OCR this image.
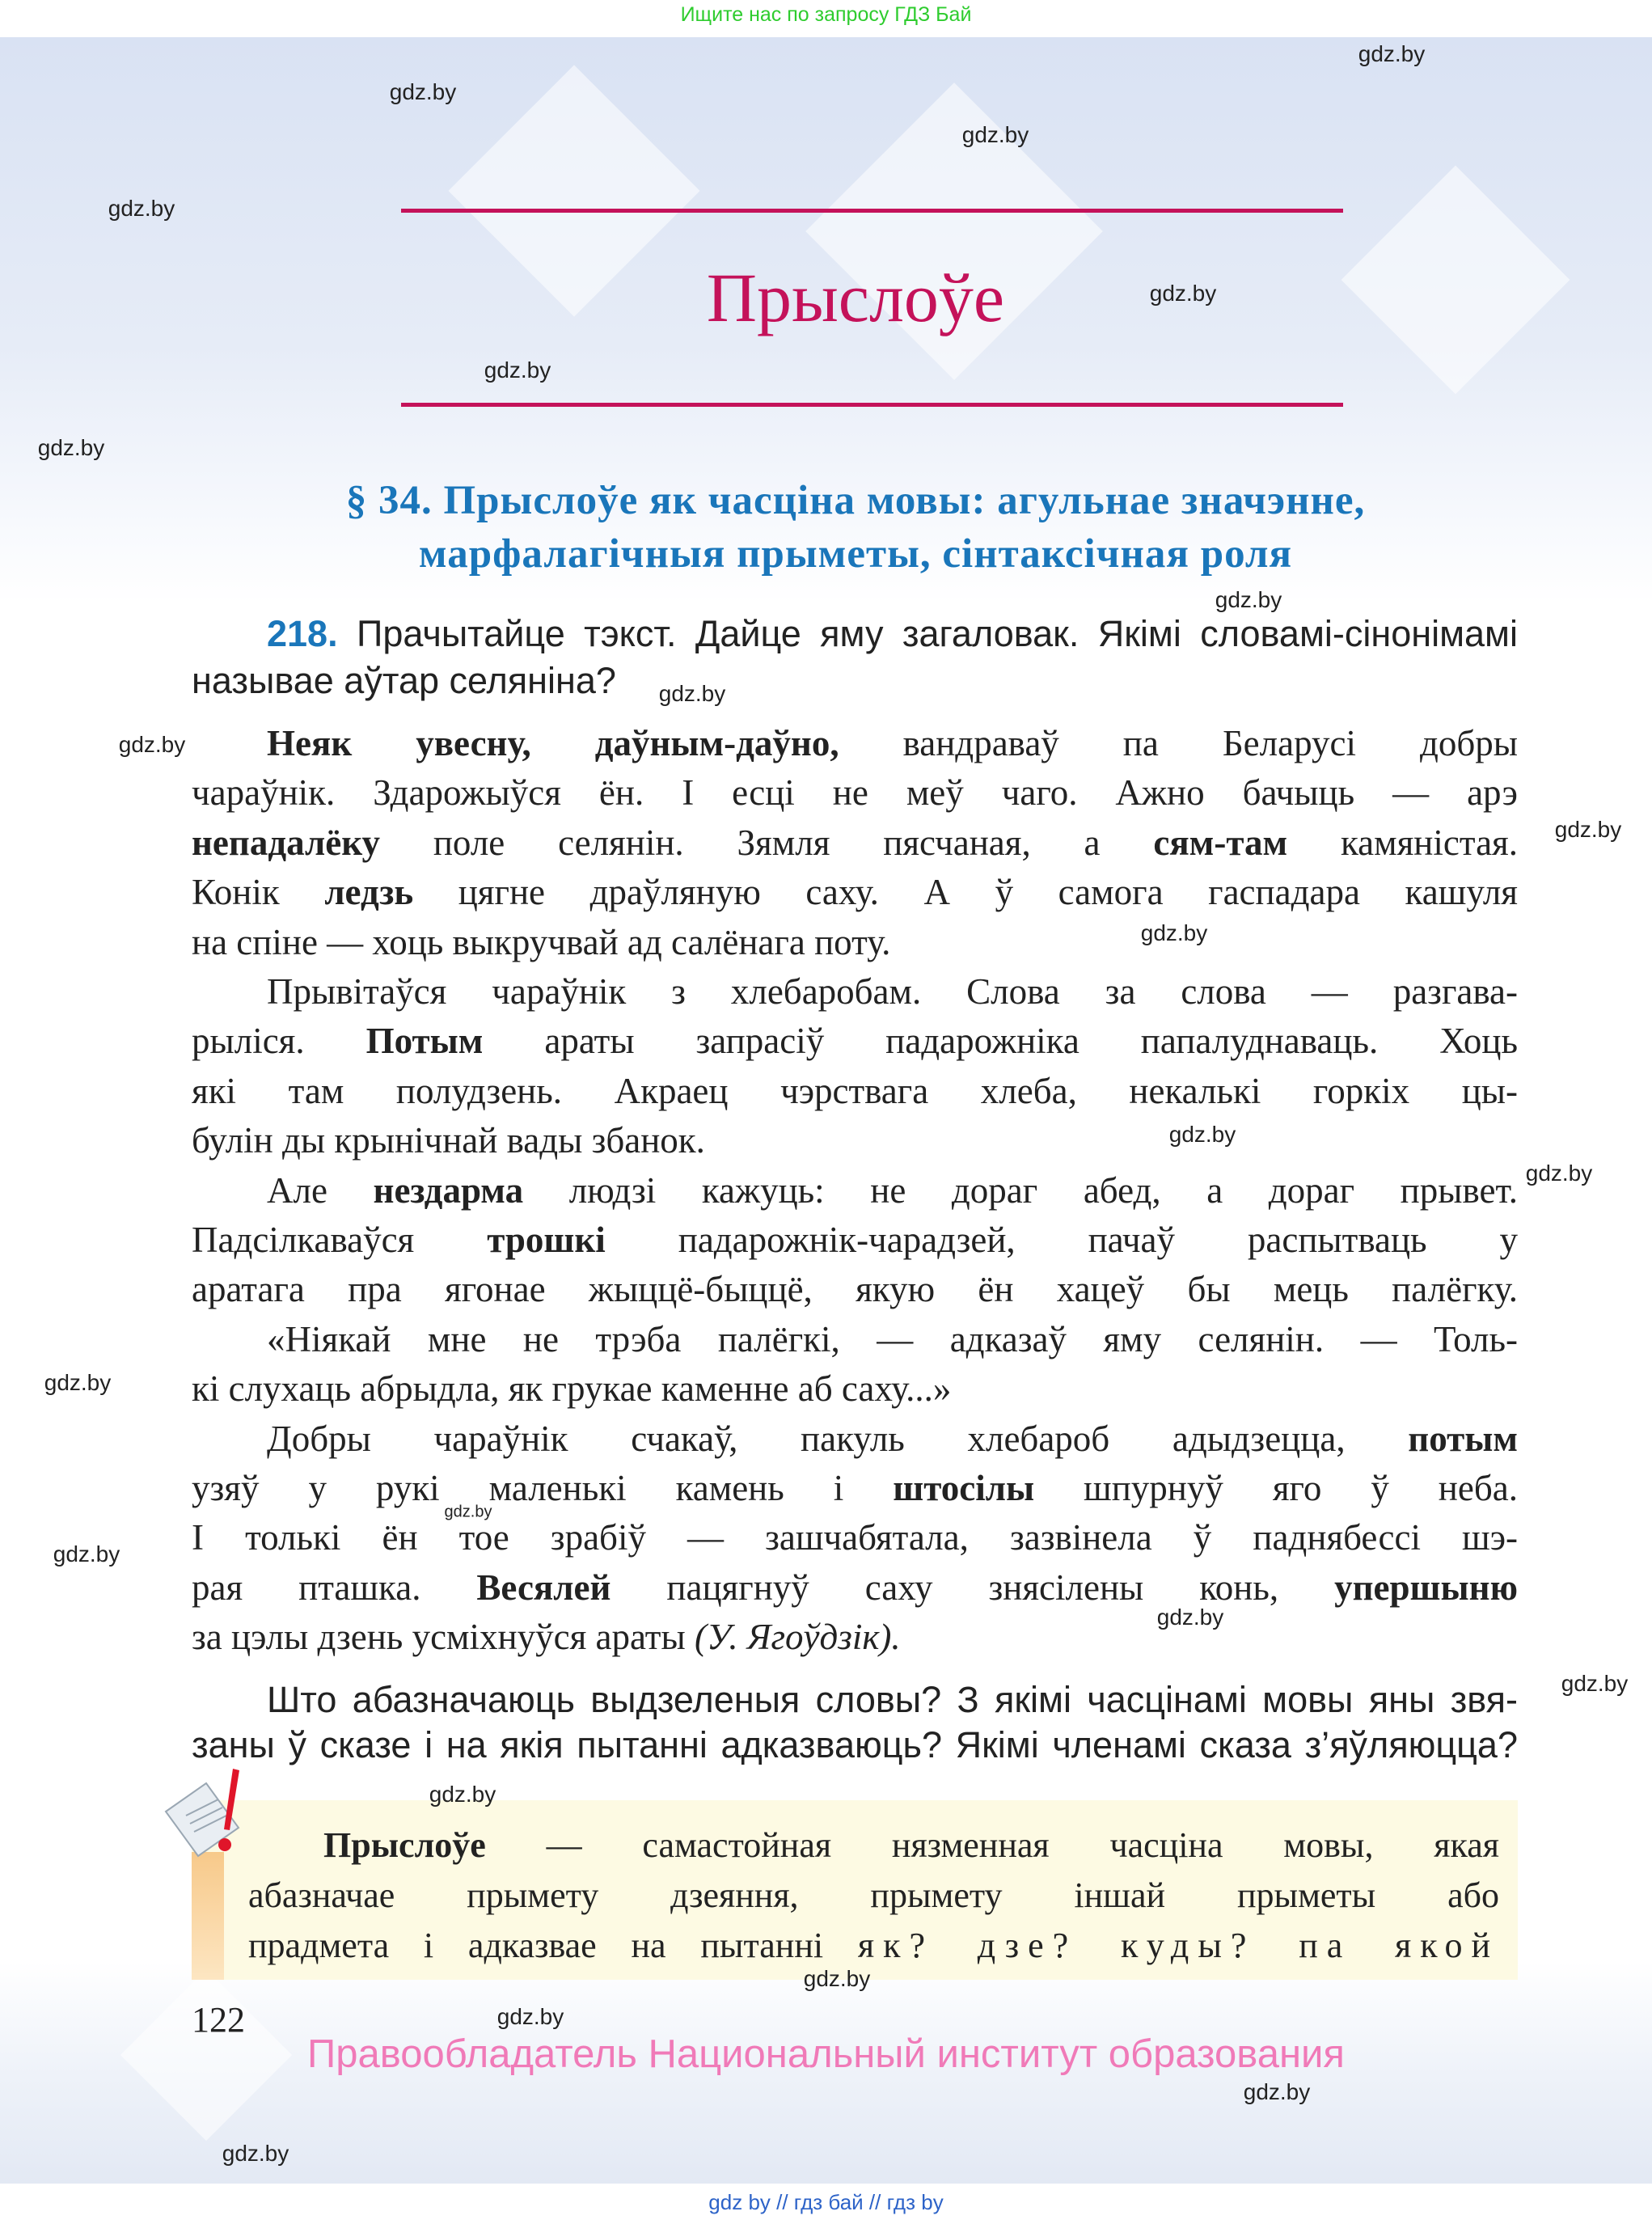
Ищите нас по запросу ГДЗ Бай
Прыслоўе
§ 34. Прыслоўе як часціна мовы: агульнае значэнне,
марфалагічныя прыметы, сінтаксічная роля
218. Прачытайце тэкст. Дайце яму загаловак. Якімі словамі-сінонімамі
называе аўтар селяніна?
Неяк увесну, даўным-даўно, вандраваў па Беларусі добры
чараўнік. Здарожыўся ён. І есці не меў чаго. Ажно бачыць — арэ
непадалёку поле селянін. Зямля пясчаная, а сям-там камяністая.
Конік ледзь цягне драўляную саху. А ў самога гаспадара кашуля
на спіне — хоць выкручвай ад салёнага поту.
Прывітаўся чараўнік з хлебаробам. Слова за слова — разгава-
рыліся. Потым араты запрасіў падарожніка папалуднаваць. Хоць
які там полудзень. Акраец чэрствага хлеба, некалькі горкіх цы-
булін ды крынічнай вады збанок.
Але нездарма людзі кажуць: не дораг абед, а дораг прывет.
Падсілкаваўся трошкі падарожнік-чарадзей, пачаў распытваць у
аратага пра ягонае жыццё-быццё, якую ён хацеў бы мець палёгку.
«Ніякай мне не трэба палёгкі, — адказаў яму селянін. — Толь-
кі слухаць абрыдла, як грукае каменне аб саху...»
Добры чараўнік счакаў, пакуль хлебароб адыдзецца, потым
узяў у рукі маленькі камень і штосілы шпурнуў яго ў неба.
І толькі ён тое зрабіў — зашчабятала, зазвінела ў паднябессі шэ-
рая пташка. Весялей пацягнуў саху знясілены конь, упершыню
за цэлы дзень усміхнуўся араты (У. Ягоўдзік).
Што абазначаюць выдзеленыя словы? З якімі часцінамі мовы яны звя-
заны ў сказе і на якія пытанні адказваюць? Якімі членамі сказа з’яўляюцца?
Прыслоўе — самастойная нязменная часціна мовы, якая
абазначае прымету дзеяння, прымету іншай прыметы або
прадмета і адказвае на пытанні як? дзе? куды? па якой
122
Правообладатель Национальный институт образования
gdz by // гдз бай // гдз by
gdz.by
gdz.by
gdz.by
gdz.by
gdz.by
gdz.by
gdz.by
gdz.by
gdz.by
gdz.by
gdz.by
gdz.by
gdz.by
gdz.by
gdz.by
gdz.by
gdz.by
gdz.by
gdz.by
gdz.by
gdz.by
gdz.by
gdz.by
gdz.by
